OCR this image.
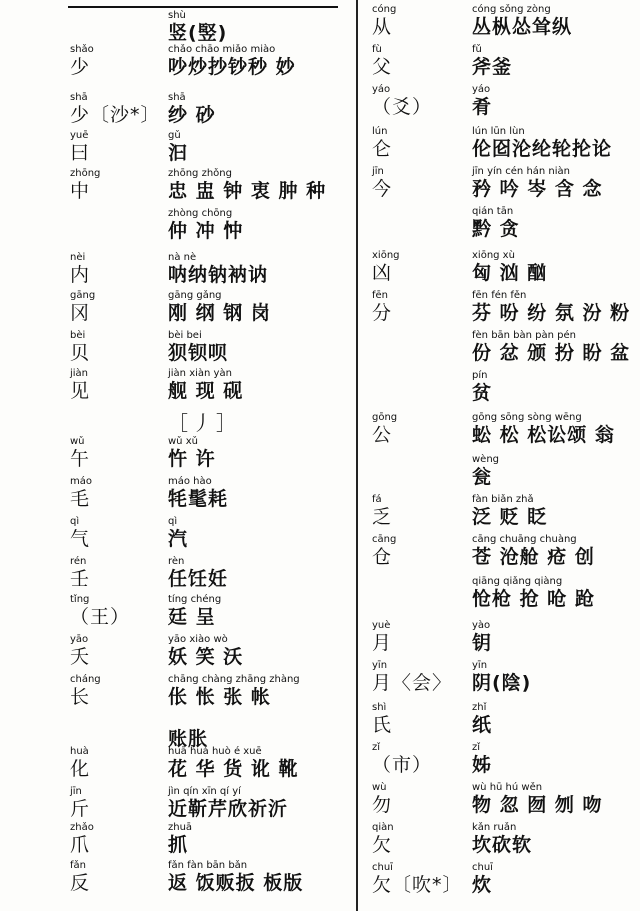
shù
竖(竪)
shǎo
少
chǎo chāo miǎo miào
吵炒抄钞秒 妙
shā
少〔沙*〕
shā
纱 砂
yuē
曰
gǔ
汩
zhōng
中
zhōng zhǒng
忠 盅 钟 衷 肿 种
zhòng chōng
仲 冲 忡
nèi
内
nà nè
呐纳钠衲讷
gāng
冈
gāng gǎng
刚 纲 钢 岗
bèi
贝
bèi bei
狈钡呗
jiàn
见
jiàn xiàn yàn
舰 现 砚
［丿］
wǔ
午
wǔ xǔ
忤 许
máo
毛
máo hào
牦髦耗
qì
气
qì
汽
rén
壬
rèn
任饪妊
tǐng
（王）
tíng chéng
廷 呈
yāo
夭
yāo xiào wò
妖 笑 沃
cháng
长
chāng chàng zhāng zhàng
伥 怅 张 帐
账胀
huà
化
huā huá huò é xuē
花 华 货 讹 靴
jīn
斤
jìn qín xīn qí yí
近靳芹欣祈沂
zhǎo
爪
zhuā
抓
fǎn
反
fǎn fàn bān bǎn
返 饭贩扳 板版
cóng
从
cóng sǒng zòng
丛枞怂耸纵
fù
父
fǔ
斧釜
yáo
（爻）
yáo
肴
lún
仑
lún lūn lùn
伦囵沦纶轮抡论
jīn
今
jīn yín cén hán niàn
矜 吟 岑 含 念
qián tān
黔 贪
xiōng
凶
xiōng xù
匈 汹 酗
fēn
分
fēn fén fěn
芬 吩 纷 氛 汾 粉
fèn bān bàn pàn pén
份 忿 颁 扮 盼 盆
pín
贫
gōng
公
gōng sōng sòng wēng
蚣 松 松讼颂 翁
wèng
瓮
fá
乏
fàn biǎn zhǎ
泛 贬 眨
cāng
仓
cāng chuāng chuàng
苍 沧舱 疮 创
qiāng qiǎng qiàng
怆枪 抢 呛 跄
yuè
月
yào
钥
yīn
月〈会〉
yīn
阴(陰)
shì
氏
zhǐ
纸
zǐ
（市）
zǐ
姊
wù
勿
wù hū hú wěn
物 忽 囫 刎 吻
qiàn
欠
kǎn ruǎn
坎砍软
chuī
欠〔吹*〕
chuī
炊
